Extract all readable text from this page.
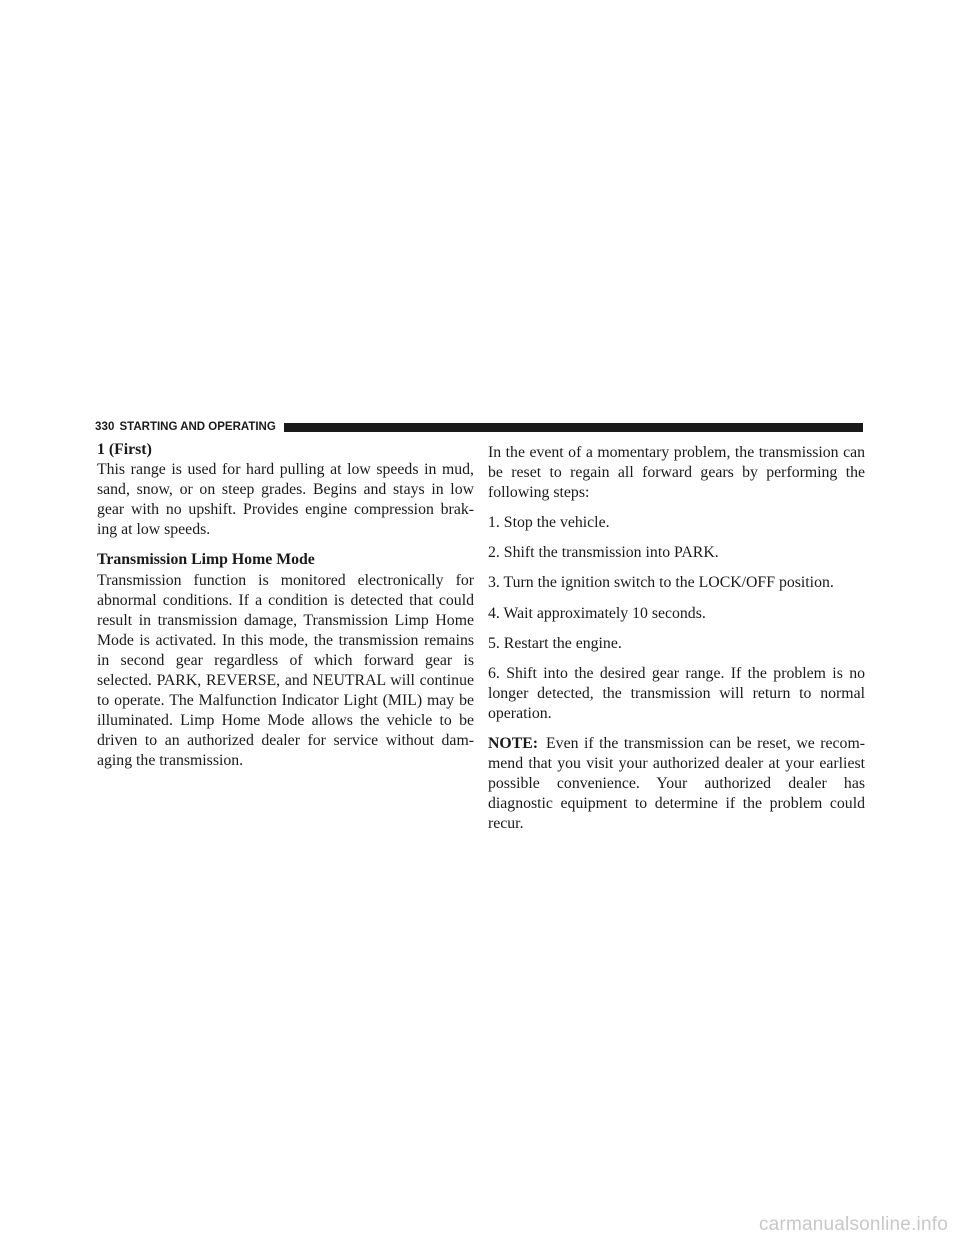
330 STARTING AND OPERATING

1 (First)

This range is used for hard pulling at low speeds in mud, sand, snow, or on steep grades. Begins and stays in low gear with no upshift. Provides engine compression brak- ing at low speeds.

Transmission Limp Home Mode

Transmission function is monitored electronically for abnormal conditions. If a condition is detected that could result in transmission damage, Transmission Limp Home Mode is activated. In this mode, the transmission remains in second gear regardless of which forward gear is selected. PARK, REVERSE, and NEUTRAL will continue to operate. The Malfunction Indicator Light (MIL) may be illuminated. Limp Home Mode allows the vehicle to be driven to an authorized dealer for service without dam- aging the transmission.

In the event of a momentary problem, the transmission can be reset to regain all forward gears by performing the following steps:

1. Stop the vehicle.

2. Shift the transmission into PARK.

3. Turn the ignition switch to the LOCK/OFF position.

4. Wait approximately 10 seconds.

5. Restart the engine.

6. Shift into the desired gear range. If the problem is no longer detected, the transmission will return to normal operation.

NOTE: Even if the transmission can be reset, we recom- mend that you visit your authorized dealer at your earliest possible convenience. Your authorized dealer has diagnostic equipment to determine if the problem could recur.

carmanualsonline.info
